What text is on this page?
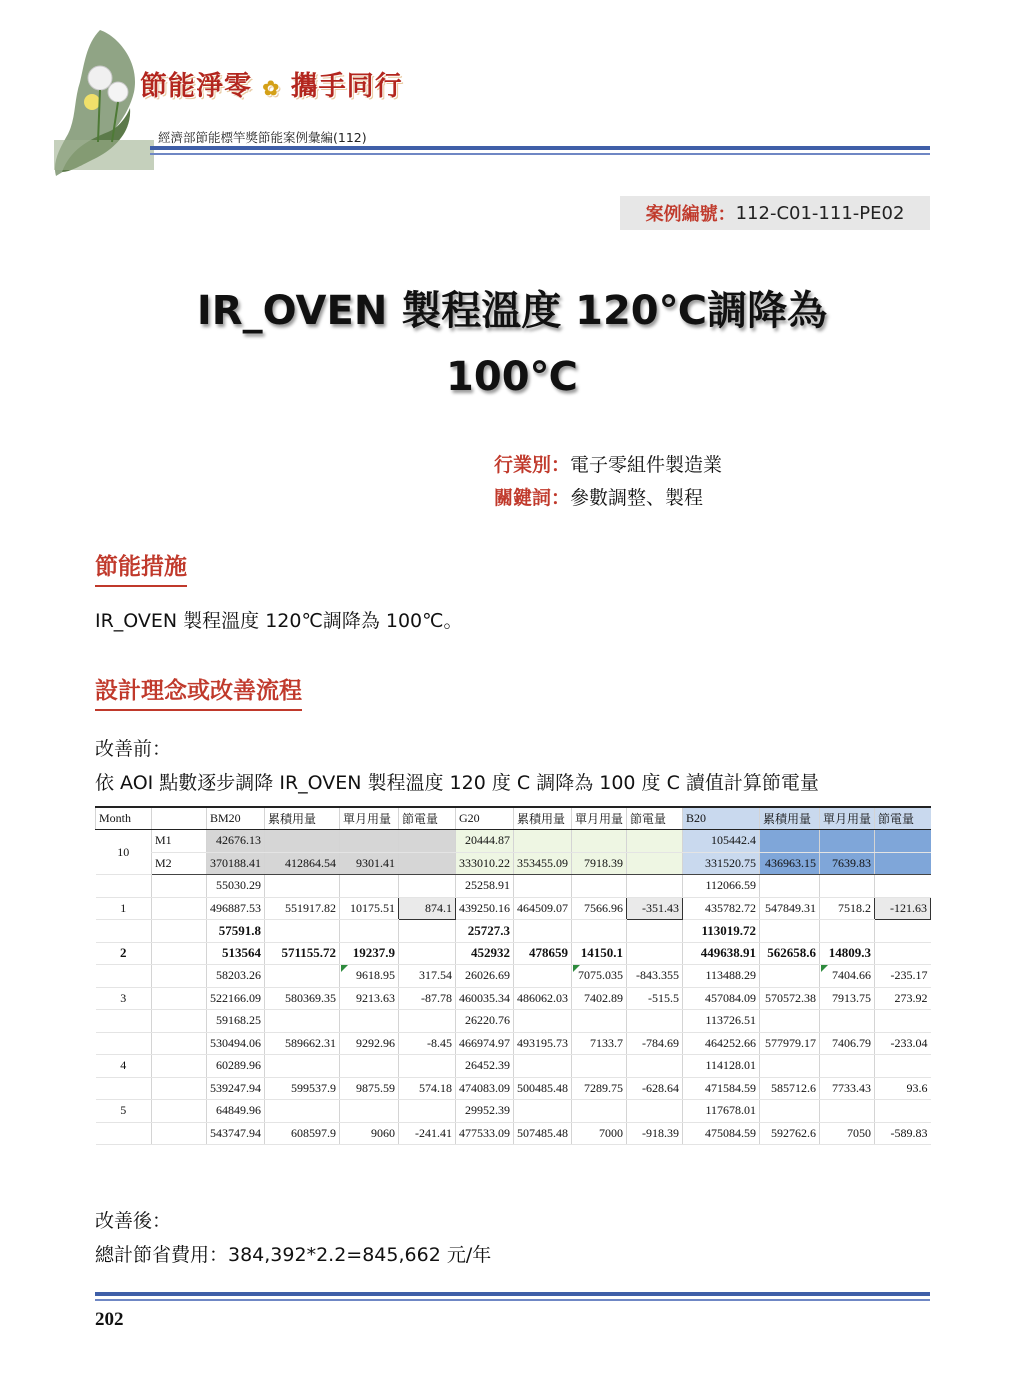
節能淨零 ✿ 攜手同行
經濟部節能標竿獎節能案例彙編(112)
案例編號： 112-C01-111-PE02
IR_OVEN 製程溫度 120℃調降為
100℃
行業別：電子零組件製造業
關鍵詞：參數調整、製程
節能措施
IR_OVEN 製程溫度 120℃調降為 100℃。
設計理念或改善流程
改善前：
依 AOI 點數逐步調降 IR_OVEN 製程溫度 120 度 C 調降為 100 度 C 讀值計算節電量
Month		BM20	累積用量	單月用量	節電量	G20	累積用量	單月用量	節電量	B20	累積用量	單月用量	節電量
10	M1	42676.13				20444.87				105442.4			
	M2	370188.41	412864.54	9301.41		333010.22	353455.09	7918.39		331520.75	436963.15	7639.83	
		55030.29				25258.91				112066.59			
1		496887.53	551917.82	10175.51	874.1	439250.16	464509.07	7566.96	-351.43	435782.72	547849.31	7518.2	-121.63
		57591.8				25727.3				113019.72			
2		513564	571155.72	19237.9		452932	478659	14150.1		449638.91	562658.6	14809.3	
		58203.26		9618.95	317.54	26026.69		7075.035	-843.355	113488.29		7404.66	-235.17
3		522166.09	580369.35	9213.63	-87.78	460035.34	486062.03	7402.89	-515.5	457084.09	570572.38	7913.75	273.92
		59168.25				26220.76				113726.51			
		530494.06	589662.31	9292.96	-8.45	466974.97	493195.73	7133.7	-784.69	464252.66	577979.17	7406.79	-233.04
4		60289.96				26452.39				114128.01			
		539247.94	599537.9	9875.59	574.18	474083.09	500485.48	7289.75	-628.64	471584.59	585712.6	7733.43	93.6
5		64849.96				29952.39				117678.01			
		543747.94	608597.9	9060	-241.41	477533.09	507485.48	7000	-918.39	475084.59	592762.6	7050	-589.83
改善後：
總計節省費用：384,392*2.2=845,662 元/年
202
